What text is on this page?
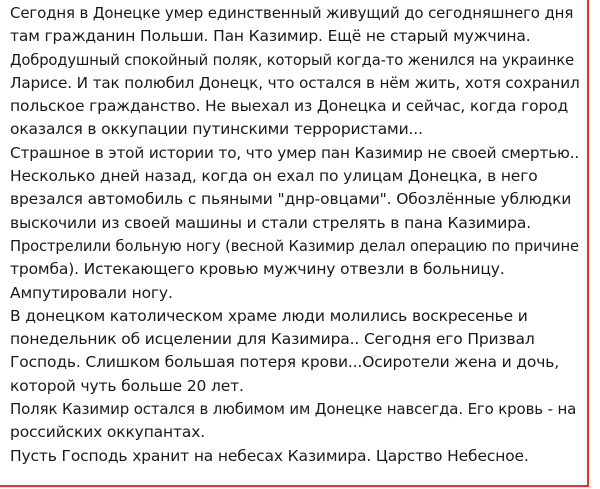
Сегодня в Донецке умер единственный живущий до сегодняшнего дня
там гражданин Польши. Пан Казимир. Ещё не старый мужчина.
Добродушный спокойный поляк, который когда-то женился на украинке
Ларисе. И так полюбил Донецк, что остался в нём жить, хотя сохранил
польское гражданство. Не выехал из Донецка и сейчас, когда город
оказался в оккупации путинскими террористами...
Страшное в этой истории то, что умер пан Казимир не своей смертью..
Несколько дней назад, когда он ехал по улицам Донецка, в него
врезался автомобиль с пьяными "днр-овцами". Обозлённые ублюдки
выскочили из своей машины и стали стрелять в пана Казимира.
Прострелили больную ногу (весной Казимир делал операцию по причине
тромба). Истекающего кровью мужчину отвезли в больницу.
Ампутировали ногу.
В донецком католическом храме люди молились воскресенье и
понедельник об исцелении для Казимира.. Сегодня его Призвал
Господь. Слишком большая потеря крови...Осиротели жена и дочь,
которой чуть больше 20 лет.
Поляк Казимир остался в любимом им Донецке навсегда. Его кровь - на
российских оккупантах.
Пусть Господь хранит на небесах Казимира. Царство Небесное.
